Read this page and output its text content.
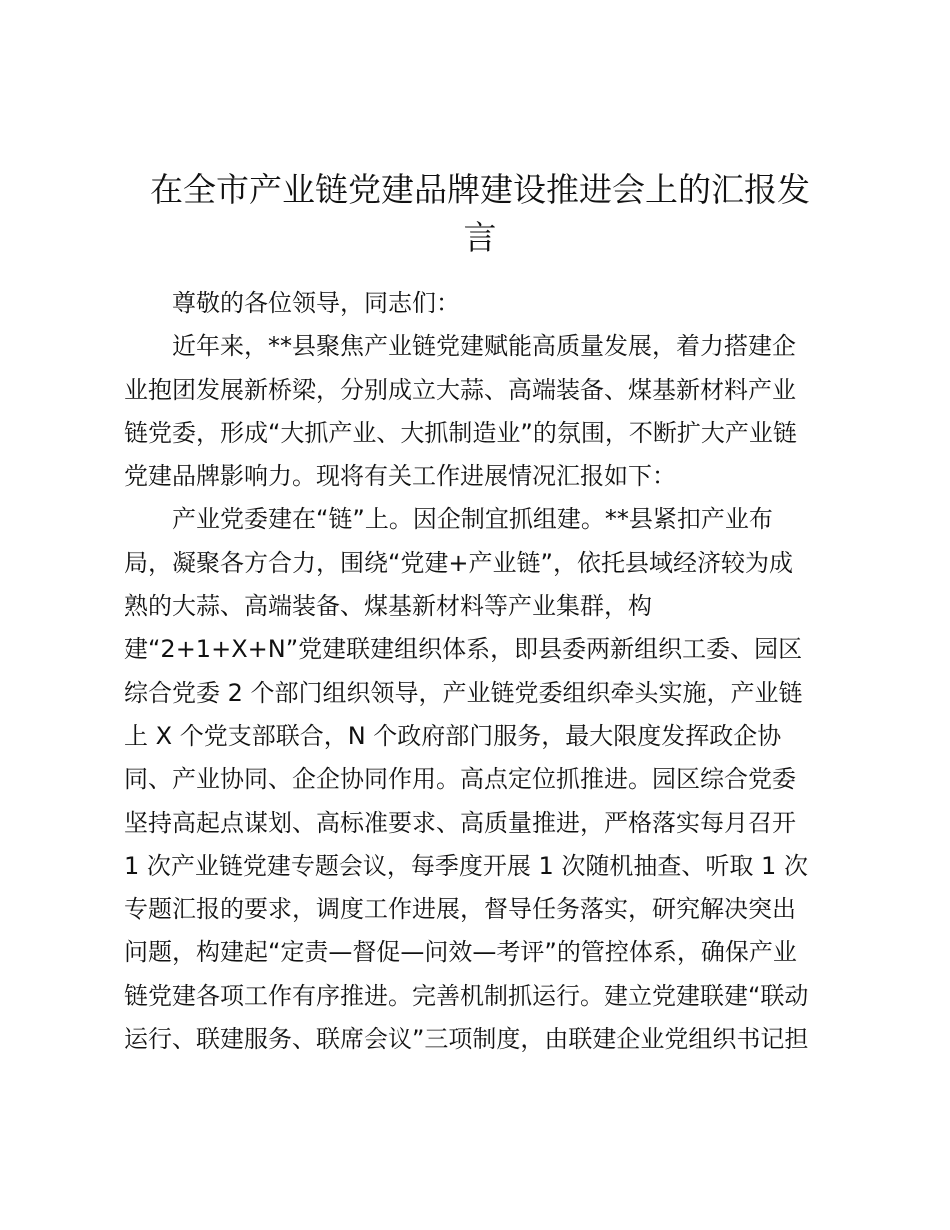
在全市产业链党建品牌建设推进会上的汇报发
言
尊敬的各位领导，同志们：
近年来，**县聚焦产业链党建赋能高质量发展，着力搭建企
业抱团发展新桥梁，分别成立大蒜、高端装备、煤基新材料产业
链党委，形成“大抓产业、大抓制造业”的氛围，不断扩大产业链
党建品牌影响力。现将有关工作进展情况汇报如下：
产业党委建在“链”上。因企制宜抓组建。**县紧扣产业布
局，凝聚各方合力，围绕“党建+产业链”，依托县域经济较为成
熟的大蒜、高端装备、煤基新材料等产业集群，构
建“2+1+X+N”党建联建组织体系，即县委两新组织工委、园区
综合党委 2 个部门组织领导，产业链党委组织牵头实施，产业链
上 X 个党支部联合，N 个政府部门服务，最大限度发挥政企协
同、产业协同、企企协同作用。高点定位抓推进。园区综合党委
坚持高起点谋划、高标准要求、高质量推进，严格落实每月召开
1 次产业链党建专题会议，每季度开展 1 次随机抽查、听取 1 次
专题汇报的要求，调度工作进展，督导任务落实，研究解决突出
问题，构建起“定责—督促—问效—考评”的管控体系，确保产业
链党建各项工作有序推进。完善机制抓运行。建立党建联建“联动
运行、联建服务、联席会议”三项制度，由联建企业党组织书记担
